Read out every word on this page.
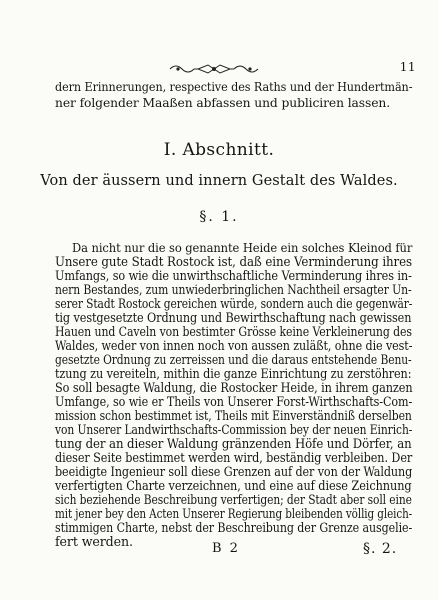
11
dern Erinnerungen, respective des Raths und der Hundertmän-
ner folgender Maaßen abfassen und publiciren lassen.
I. Abschnitt.
Von der äussern und innern Gestalt des Waldes.
§. 1.
Da nicht nur die so genannte Heide ein solches Kleinod für
Unsere gute Stadt Rostock ist, daß eine Verminderung ihres
Umfangs, so wie die unwirthschaftliche Verminderung ihres in-
nern Bestandes, zum unwiederbringlichen Nachtheil ersagter Un-
serer Stadt Rostock gereichen würde, sondern auch die gegenwär-
tig vestgesetzte Ordnung und Bewirthschaftung nach gewissen
Hauen und Caveln von bestimter Grösse keine Verkleinerung des
Waldes, weder von innen noch von aussen zuläßt, ohne die vest-
gesetzte Ordnung zu zerreissen und die daraus entstehende Benu-
tzung zu vereiteln, mithin die ganze Einrichtung zu zerstöhren:
So soll besagte Waldung, die Rostocker Heide, in ihrem ganzen
Umfange, so wie er Theils von Unserer Forst-Wirthschafts-Com-
mission schon bestimmet ist, Theils mit Einverständniß derselben
von Unserer Landwirthschafts-Commission bey der neuen Einrich-
tung der an dieser Waldung gränzenden Höfe und Dörfer, an
dieser Seite bestimmet werden wird, beständig verbleiben. Der
beeidigte Ingenieur soll diese Grenzen auf der von der Waldung
verfertigten Charte verzeichnen, und eine auf diese Zeichnung
sich beziehende Beschreibung verfertigen; der Stadt aber soll eine
mit jener bey den Acten Unserer Regierung bleibenden völlig gleich-
stimmigen Charte, nebst der Beschreibung der Grenze ausgelie-
fert werden.	B 2	§. 2.
